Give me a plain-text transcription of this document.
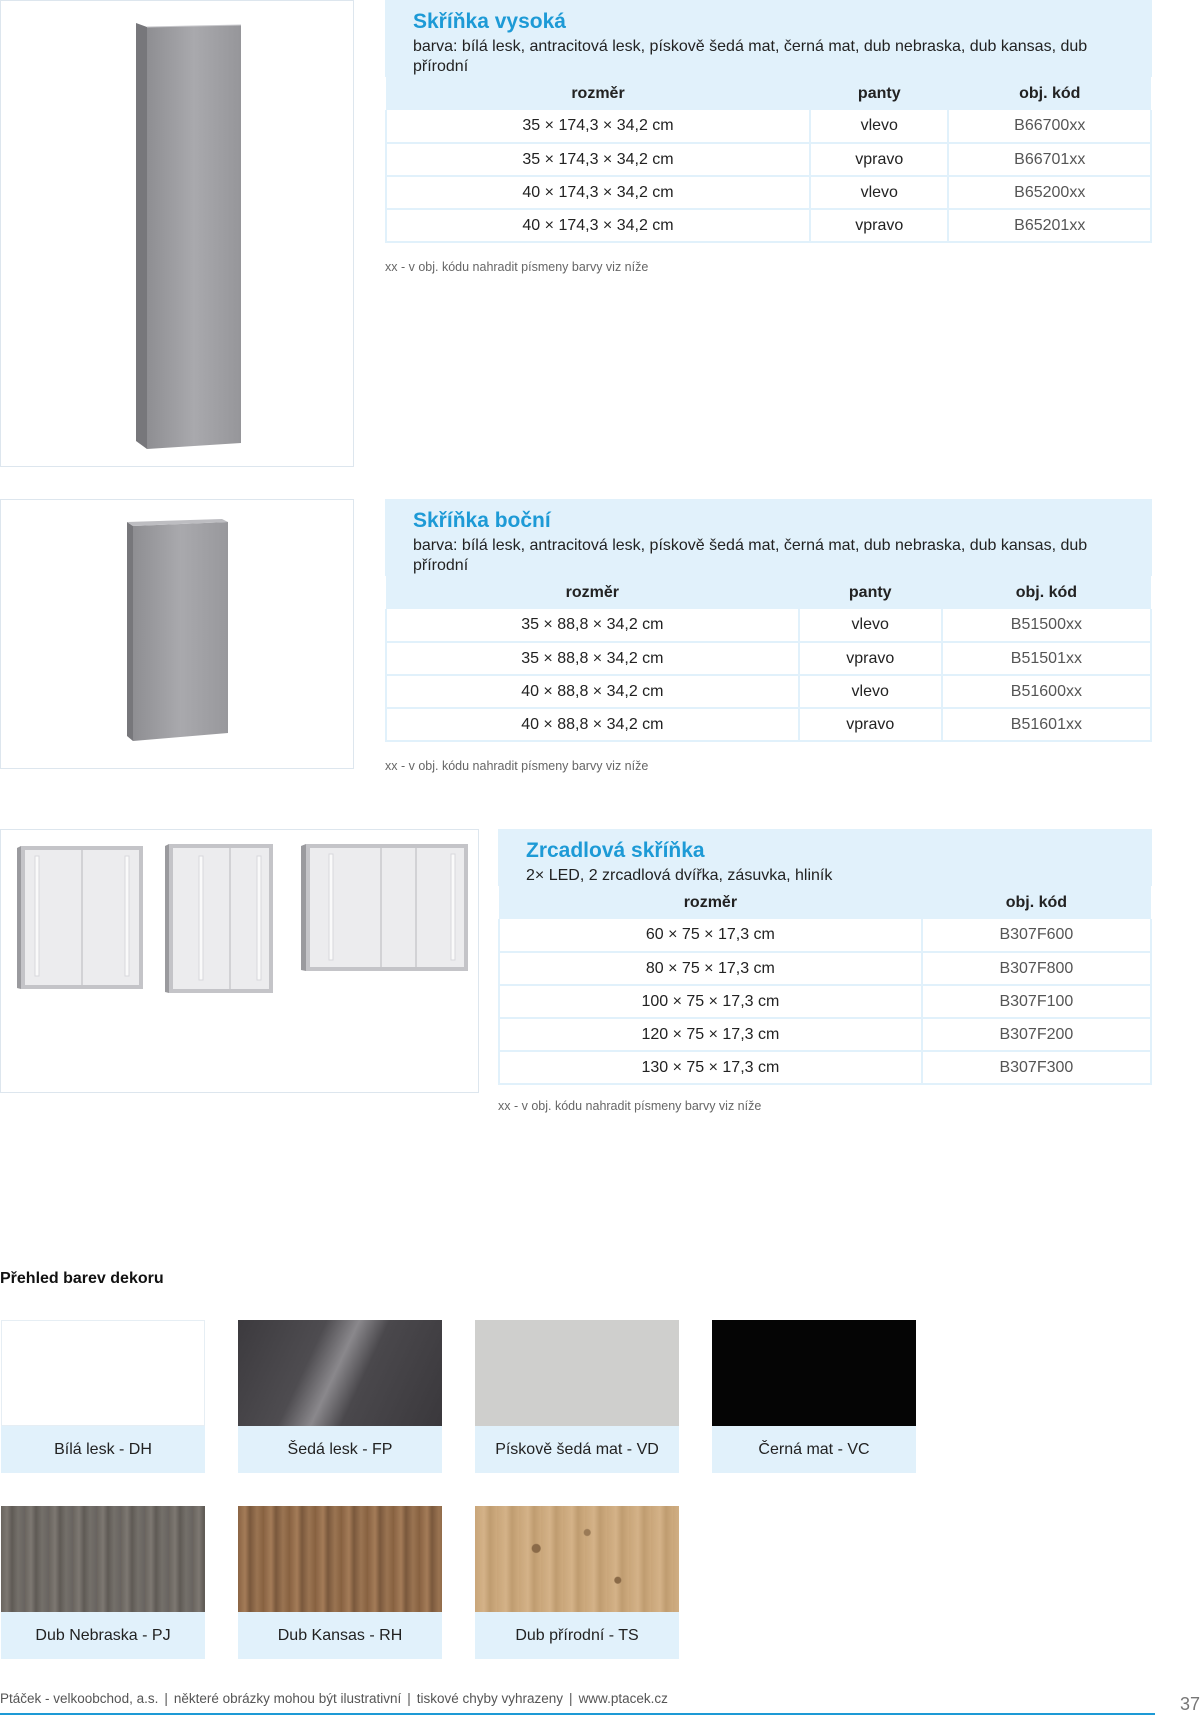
Skříňka vysoká
barva: bílá lesk, antracitová lesk, pískově šedá mat, černá mat, dub nebraska, dub kansas, dub přírodní
rozměr	panty	obj. kód
35 × 174,3 × 34,2 cm	vlevo	B66700xx
35 × 174,3 × 34,2 cm	vpravo	B66701xx
40 × 174,3 × 34,2 cm	vlevo	B65200xx
40 × 174,3 × 34,2 cm	vpravo	B65201xx
xx - v obj. kódu nahradit písmeny barvy viz níže
Skříňka boční
barva: bílá lesk, antracitová lesk, pískově šedá mat, černá mat, dub nebraska, dub kansas, dub přírodní
rozměr	panty	obj. kód
35 × 88,8 × 34,2 cm	vlevo	B51500xx
35 × 88,8 × 34,2 cm	vpravo	B51501xx
40 × 88,8 × 34,2 cm	vlevo	B51600xx
40 × 88,8 × 34,2 cm	vpravo	B51601xx
xx - v obj. kódu nahradit písmeny barvy viz níže
Zrcadlová skříňka
2× LED, 2 zrcadlová dvířka, zásuvka, hliník
rozměr	obj. kód
60 × 75 × 17,3 cm	B307F600
80 × 75 × 17,3 cm	B307F800
100 × 75 × 17,3 cm	B307F100
120 × 75 × 17,3 cm	B307F200
130 × 75 × 17,3 cm	B307F300
xx - v obj. kódu nahradit písmeny barvy viz níže
Přehled barev dekoru
Bílá lesk - DH	Šedá lesk - FP	Pískově šedá mat - VD	Černá mat - VC
Dub Nebraska - PJ	Dub Kansas - RH	Dub přírodní - TS
Ptáček - velkoobchod, a.s. | některé obrázky mohou být ilustrativní | tiskové chyby vyhrazeny | www.ptacek.cz	37
